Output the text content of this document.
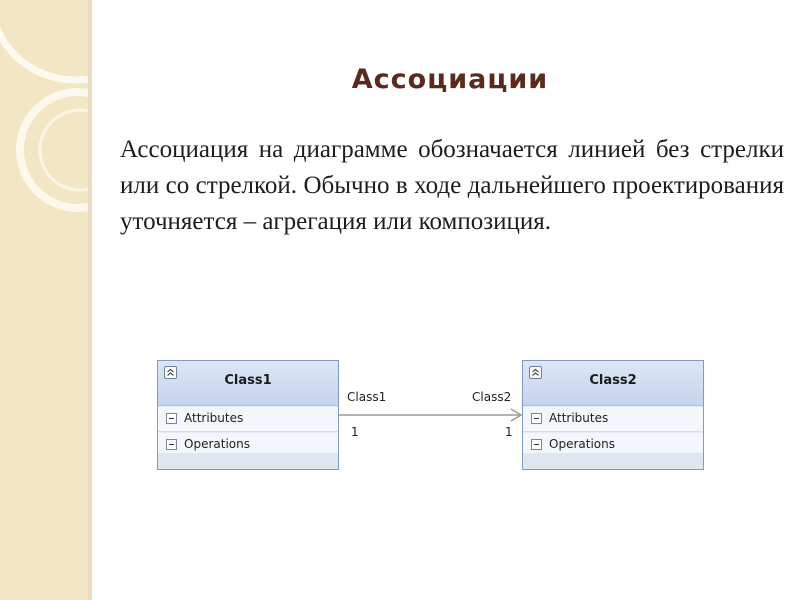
Ассоциации
Ассоциация на диаграмме обозначается линией без стрелки или со стрелкой. Обычно в ходе дальнейшего проектирования уточняется – агрегация или композиция.
Class1
Attributes
Operations
Class2
Attributes
Operations
Class1	Class2
1	1
